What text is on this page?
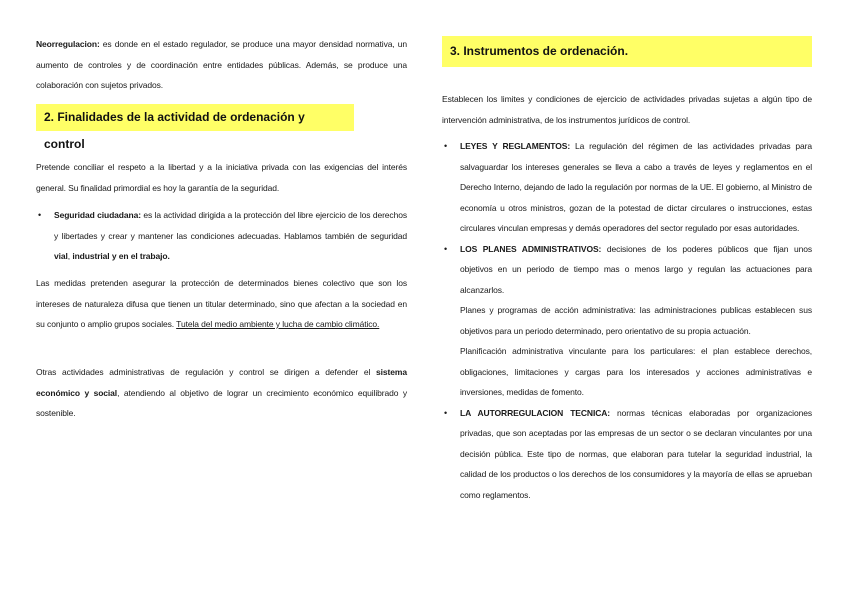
Neorregulacion: es donde en el estado regulador, se produce una mayor densidad normativa, un aumento de controles y de coordinación entre entidades públicas. Además, se produce una colaboración con sujetos privados.

2. Finalidades de la actividad de ordenación y control

Pretende conciliar el respeto a la libertad y a la iniciativa privada con las exigencias del interés general. Su finalidad primordial es hoy la garantía de la seguridad.

• Seguridad ciudadana: es la actividad dirigida a la protección del libre ejercicio de los derechos y libertades y crear y mantener las condiciones adecuadas. Hablamos también de seguridad vial, industrial y en el trabajo.

Las medidas pretenden asegurar la protección de determinados bienes colectivo que son los intereses de naturaleza difusa que tienen un titular determinado, sino que afectan a la sociedad en su conjunto o amplio grupos sociales. Tutela del medio ambiente y lucha de cambio climático.

Otras actividades administrativas de regulación y control se dirigen a defender el sistema económico y social, atendiendo al objetivo de lograr un crecimiento económico equilibrado y sostenible.

3. Instrumentos de ordenación.

Establecen los limites y condiciones de ejercicio de actividades privadas sujetas a algún tipo de intervención administrativa, de los instrumentos jurídicos de control.

• LEYES Y REGLAMENTOS: La regulación del régimen de las actividades privadas para salvaguardar los intereses generales se lleva a cabo a través de leyes y reglamentos en el Derecho Interno, dejando de lado la regulación por normas de la UE. El gobierno, al Ministro de economía u otros ministros, gozan de la potestad de dictar circulares o instrucciones, estas circulares vinculan empresas y demás operadores del sector regulado por esas autoridades.
• LOS PLANES ADMINISTRATIVOS: decisiones de los poderes públicos que fijan unos objetivos en un periodo de tiempo mas o menos largo y regulan las actuaciones para alcanzarlos.

Planes y programas de acción administrativa: las administraciones publicas establecen sus objetivos para un periodo determinado, pero orientativo de su propia actuación.

Planificación administrativa vinculante para los particulares: el plan establece derechos, obligaciones, limitaciones y cargas para los interesados y acciones administrativas e inversiones, medidas de fomento.

• LA AUTORREGULACION TECNICA: normas técnicas elaboradas por organizaciones privadas, que son aceptadas por las empresas de un sector o se declaran vinculantes por una decisión pública. Este tipo de normas, que elaboran para tutelar la seguridad industrial, la calidad de los productos o los derechos de los consumidores y la mayoría de ellas se aprueban como reglamentos.
